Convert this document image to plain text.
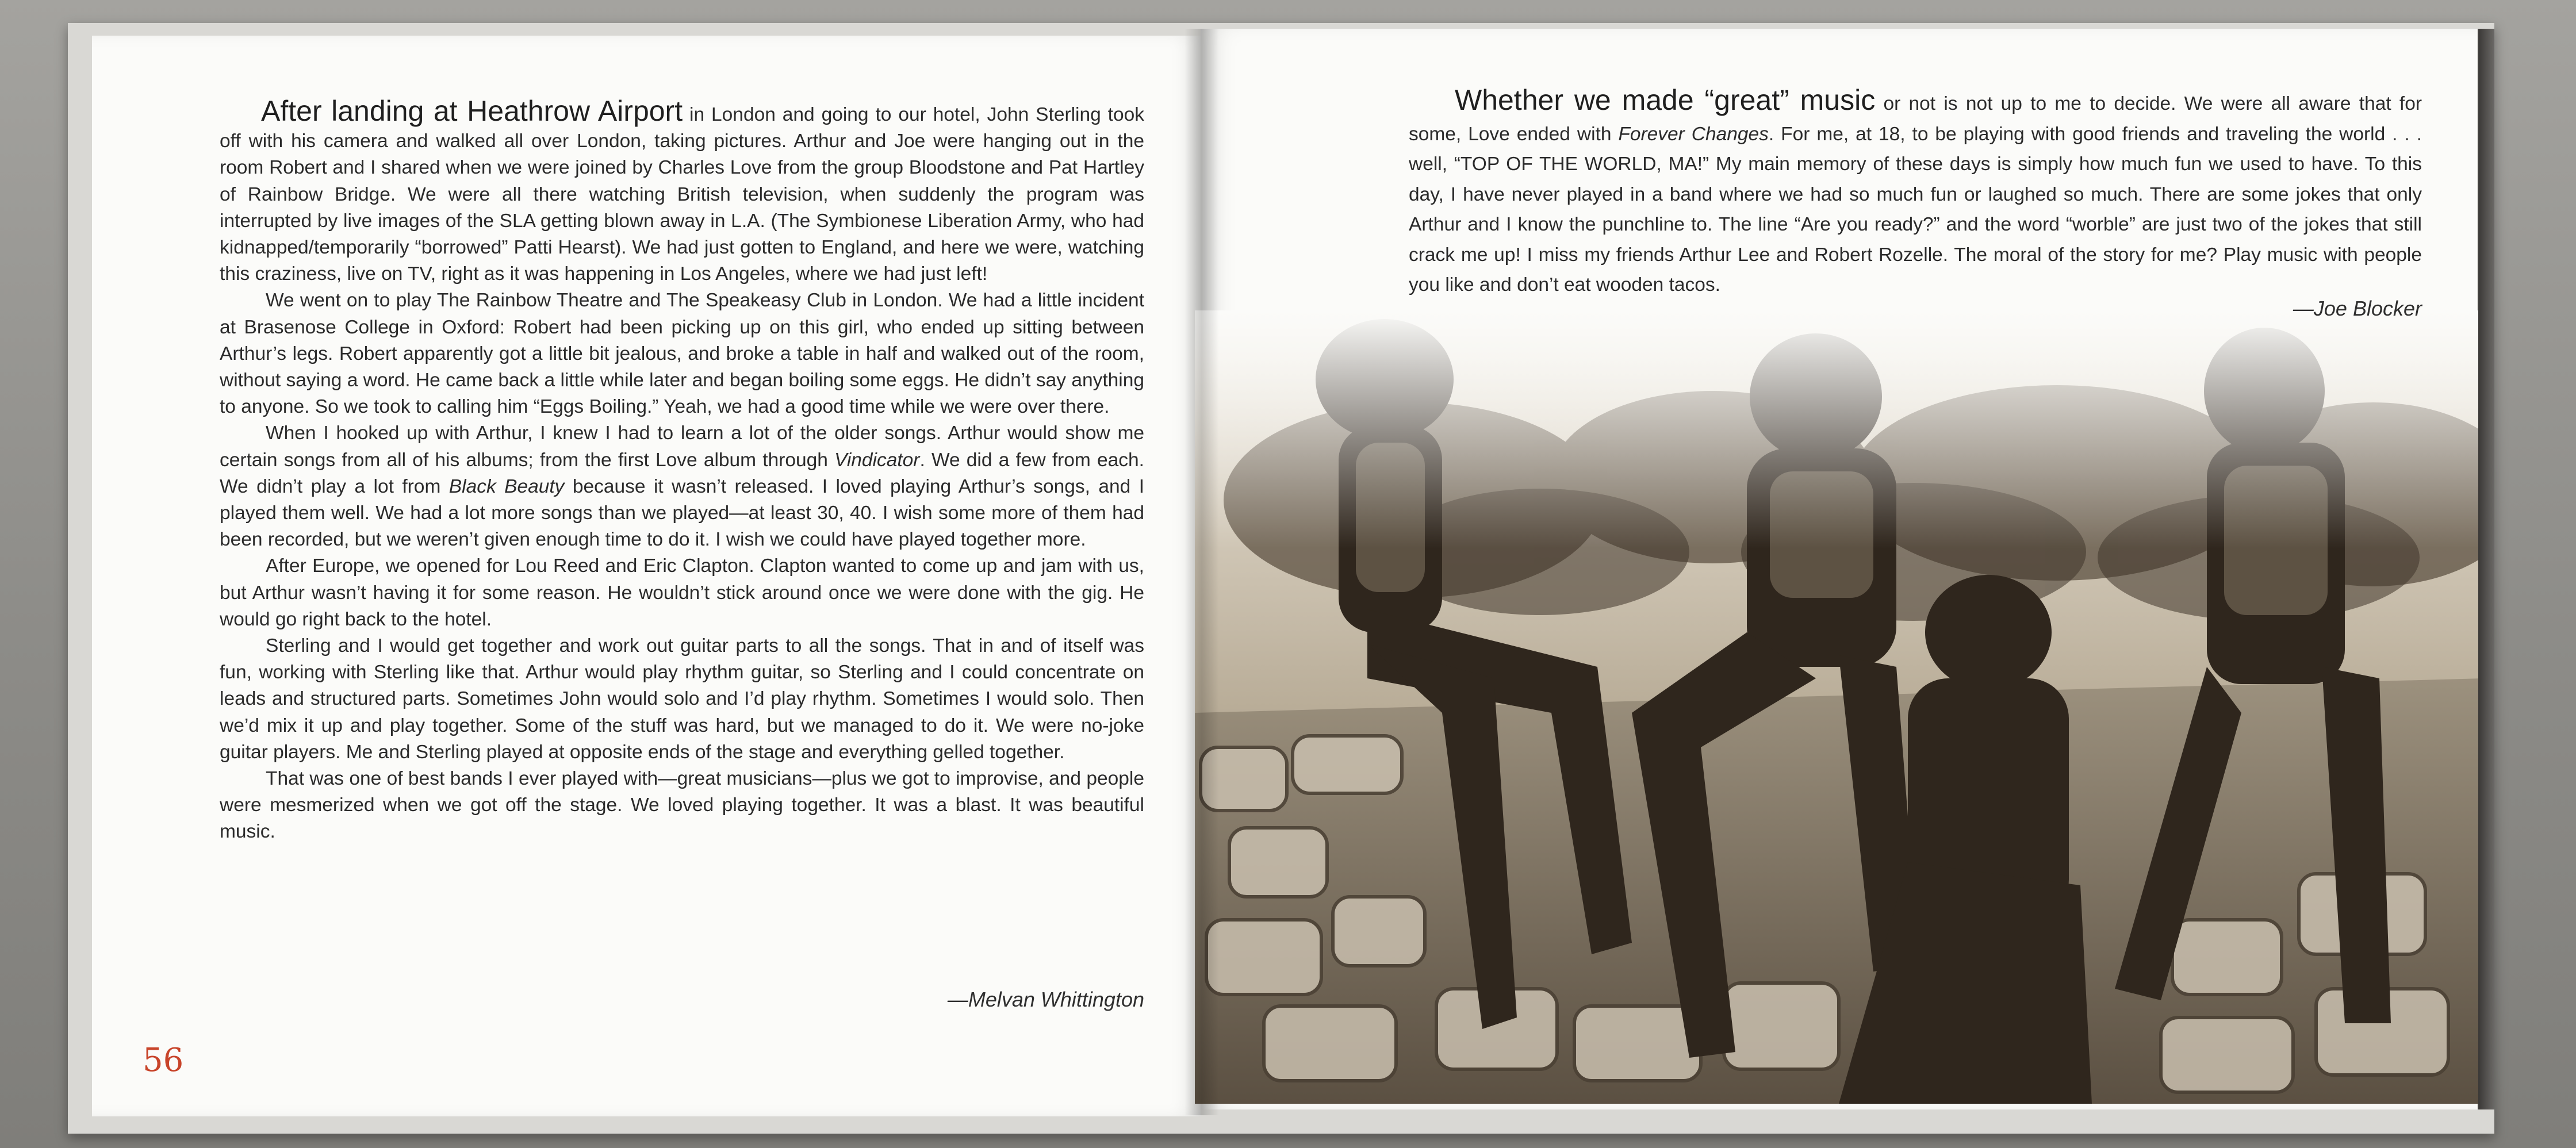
After landing at Heathrow Airport in London and going to our hotel, John Sterling took off with his camera and walked all over London, taking pictures. Arthur and Joe were hanging out in the room Robert and I shared when we were joined by Charles Love from the group Bloodstone and Pat Hartley of Rainbow Bridge. We were all there watching British television, when suddenly the program was interrupted by live images of the SLA getting blown away in L.A. (The Symbionese Liberation Army, who had kidnapped/temporarily “borrowed” Patti Hearst). We had just gotten to England, and here we were, watching this craziness, live on TV, right as it was happening in Los Angeles, where we had just left!

We went on to play The Rainbow Theatre and The Speakeasy Club in London. We had a little incident at Brasenose College in Oxford: Robert had been picking up on this girl, who ended up sitting between Arthur’s legs. Robert apparently got a little bit jealous, and broke a table in half and walked out of the room, without saying a word. He came back a little while later and began boiling some eggs. He didn’t say anything to anyone. So we took to calling him “Eggs Boiling.” Yeah, we had a good time while we were over there.

When I hooked up with Arthur, I knew I had to learn a lot of the older songs. Arthur would show me certain songs from all of his albums; from the first Love album through Vindicator. We did a few from each. We didn’t play a lot from Black Beauty because it wasn’t released. I loved playing Arthur’s songs, and I played them well. We had a lot more songs than we played—at least 30, 40. I wish some more of them had been recorded, but we weren’t given enough time to do it. I wish we could have played together more.

After Europe, we opened for Lou Reed and Eric Clapton. Clapton wanted to come up and jam with us, but Arthur wasn’t having it for some reason. He wouldn’t stick around once we were done with the gig. He would go right back to the hotel.

Sterling and I would get together and work out guitar parts to all the songs. That in and of itself was fun, working with Sterling like that. Arthur would play rhythm guitar, so Sterling and I could concentrate on leads and structured parts. Sometimes John would solo and I’d play rhythm. Sometimes I would solo. Then we’d mix it up and play together. Some of the stuff was hard, but we managed to do it. We were no-joke guitar players. Me and Sterling played at opposite ends of the stage and everything gelled together.

That was one of best bands I ever played with—great musicians—plus we got to improvise, and people were mesmerized when we got off the stage. We loved playing together. It was a blast. It was beautiful music.

—Melvan Whittington
56

Whether we made “great” music or not is not up to me to decide. We were all aware that for some, Love ended with Forever Changes. For me, at 18, to be playing with good friends and traveling the world . . . well, “TOP OF THE WORLD, MA!” My main memory of these days is simply how much fun we used to have. To this day, I have never played in a band where we had so much fun or laughed so much. There are some jokes that only Arthur and I know the punchline to. The line “Are you ready?” and the word “worble” are just two of the jokes that still crack me up! I miss my friends Arthur Lee and Robert Rozelle. The moral of the story for me? Play music with people you like and don’t eat wooden tacos.

—Joe Blocker
